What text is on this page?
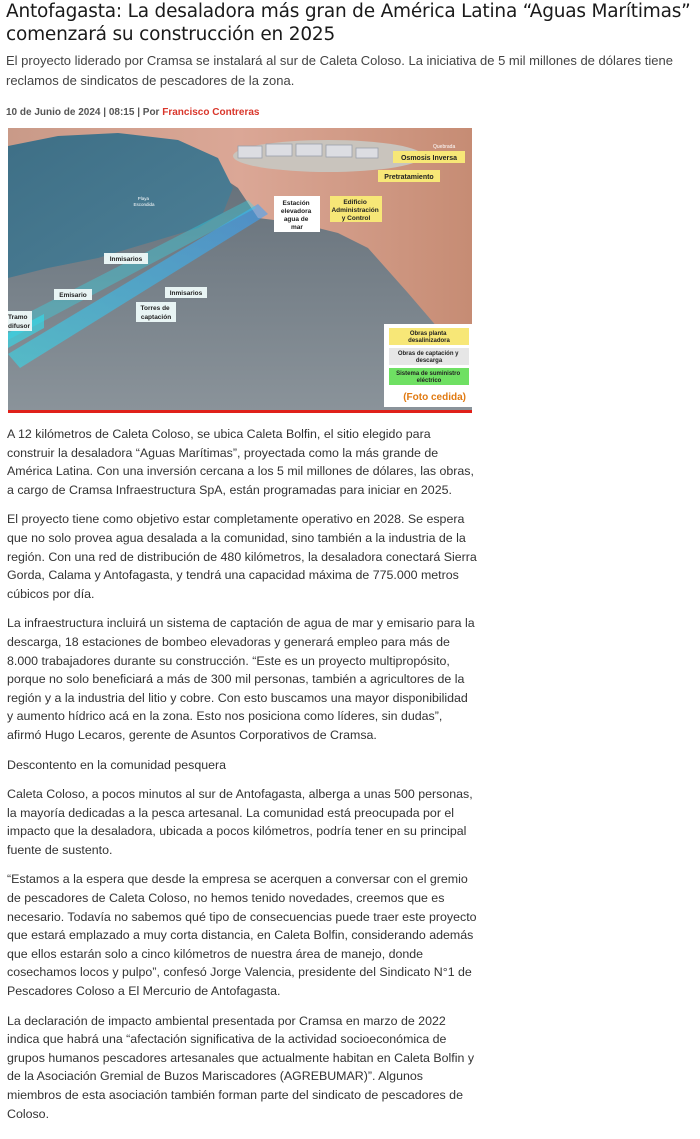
Antofagasta: La desaladora más gran de América Latina “Aguas Marítimas” comenzará su construcción en 2025

El proyecto liderado por Cramsa se instalará al sur de Caleta Coloso. La iniciativa de 5 mil millones de dólares tiene reclamos de sindicatos de pescadores de la zona.

10 de Junio de 2024 | 08:15 | Por Francisco Contreras
Quebrada
Osmosis Inversa
Pretratamiento
Estación elevadora agua de mar
Edificio Administración y Control
Playa Escondida
Inmisarios
Inmisarios
Emisario
Torres de captación
Tramo difusor
Obras planta desalinizadora
Obras de captación y descarga
Sistema de suministro eléctrico
(Foto cedida)

A 12 kilómetros de Caleta Coloso, se ubica Caleta Bolfin, el sitio elegido para construir la desaladora “Aguas Marítimas”, proyectada como la más grande de América Latina. Con una inversión cercana a los 5 mil millones de dólares, las obras, a cargo de Cramsa Infraestructura SpA, están programadas para iniciar en 2025.

El proyecto tiene como objetivo estar completamente operativo en 2028. Se espera que no solo provea agua desalada a la comunidad, sino también a la industria de la región. Con una red de distribución de 480 kilómetros, la desaladora conectará Sierra Gorda, Calama y Antofagasta, y tendrá una capacidad máxima de 775.000 metros cúbicos por día.

La infraestructura incluirá un sistema de captación de agua de mar y emisario para la descarga, 18 estaciones de bombeo elevadoras y generará empleo para más de 8.000 trabajadores durante su construcción. “Este es un proyecto multipropósito, porque no solo beneficiará a más de 300 mil personas, también a agricultores de la región y a la industria del litio y cobre. Con esto buscamos una mayor disponibilidad y aumento hídrico acá en la zona. Esto nos posiciona como líderes, sin dudas”, afirmó Hugo Lecaros, gerente de Asuntos Corporativos de Cramsa.

Descontento en la comunidad pesquera

Caleta Coloso, a pocos minutos al sur de Antofagasta, alberga a unas 500 personas, la mayoría dedicadas a la pesca artesanal. La comunidad está preocupada por el impacto que la desaladora, ubicada a pocos kilómetros, podría tener en su principal fuente de sustento.

“Estamos a la espera que desde la empresa se acerquen a conversar con el gremio de pescadores de Caleta Coloso, no hemos tenido novedades, creemos que es necesario. Todavía no sabemos qué tipo de consecuencias puede traer este proyecto que estará emplazado a muy corta distancia, en Caleta Bolfin, considerando además que ellos estarán solo a cinco kilómetros de nuestra área de manejo, donde cosechamos locos y pulpo”, confesó Jorge Valencia, presidente del Sindicato N°1 de Pescadores Coloso a El Mercurio de Antofagasta.

La declaración de impacto ambiental presentada por Cramsa en marzo de 2022 indica que habrá una “afectación significativa de la actividad socioeconómica de grupos humanos pescadores artesanales que actualmente habitan en Caleta Bolfin y de la Asociación Gremial de Buzos Mariscadores (AGREBUMAR)”. Algunos miembros de esta asociación también forman parte del sindicato de pescadores de Coloso.
